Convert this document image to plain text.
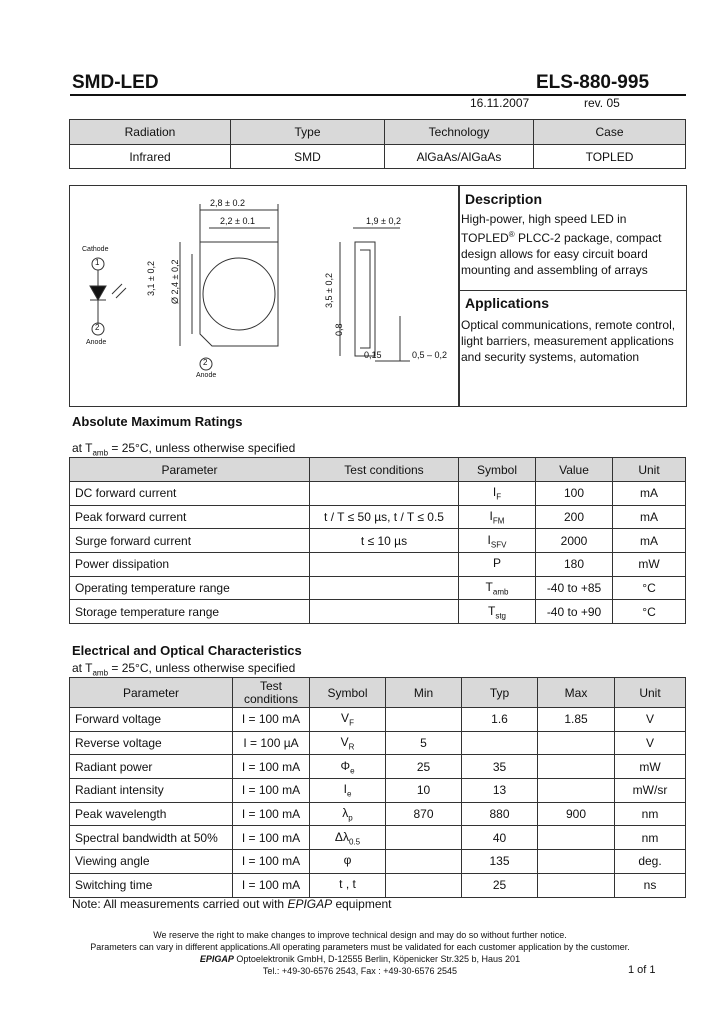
SMD-LED	ELS-880-995
16.11.2007	rev. 05
Radiation	Type	Technology	Case
Infrared	SMD	AlGaAs/AlGaAs	TOPLED
2,8 ± 0.2
2,2 ± 0.1	1,9 ± 0,2
3,1 ± 0,2 Ø 2,4 ± 0,2	3,5 ± 0,2
0,8
0,15	0,5 – 0,2
Cathode
Anode
Anode
1
2
2
Description
High-power, high speed LED in
TOPLED® PLCC-2 package, compact
design allows for easy circuit board
mounting and assembling of arrays
Applications
Optical communications, remote control,
light barriers, measurement applications
and security systems, automation
Absolute Maximum Ratings
at $T_{amb} = 25^\circ C$, unless otherwise specified
Parameter	Test conditions	Symbol	Value	Unit
DC forward current		$I_F$	100	mA
Peak forward current	t / T ≤ 50 µs, t / T ≤ 0.5	$I_{FM}$	200	mA
Surge forward current	t ≤ 10 µs	$I_{SFV}$	2000	mA
Power dissipation		P	180	mW
Operating temperature range		$T_{amb}$	-40 to +85	°C
Storage temperature range		$T_{stg}$	-40 to +90	°C
Electrical and Optical Characteristics
at $T_{amb} = 25^\circ C$, unless otherwise specified
Parameter	Test conditions	Symbol	Min	Typ	Max	Unit
Forward voltage	I = 100 mA	$V_F$		1.6	1.85	V
Reverse voltage	I = 100 µA	$V_R$	5			V
Radiant power	I = 100 mA	$\Phi_e$	25	35		mW
Radiant intensity	I = 100 mA	$I_e$	10	13		mW/sr
Peak wavelength	I = 100 mA	$\lambda_p$	870	880	900	nm
Spectral bandwidth at 50%	I = 100 mA	$\Delta\lambda_{0.5}$		40		nm
Viewing angle	I = 100 mA	φ		135		deg.
Switching time	I = 100 mA	t , t		25		ns
Note: All measurements carried out with EPIGAP equipment
We reserve the right to make changes to improve technical design and may do so without further notice.
Parameters can vary in different applications.All operating parameters must be validated for each customer application by the customer.
EPIGAP Optoelektronik GmbH, D-12555 Berlin, Köpenicker Str.325 b, Haus 201
Tel.: +49-30-6576 2543, Fax : +49-30-6576 2545	1 of 1
